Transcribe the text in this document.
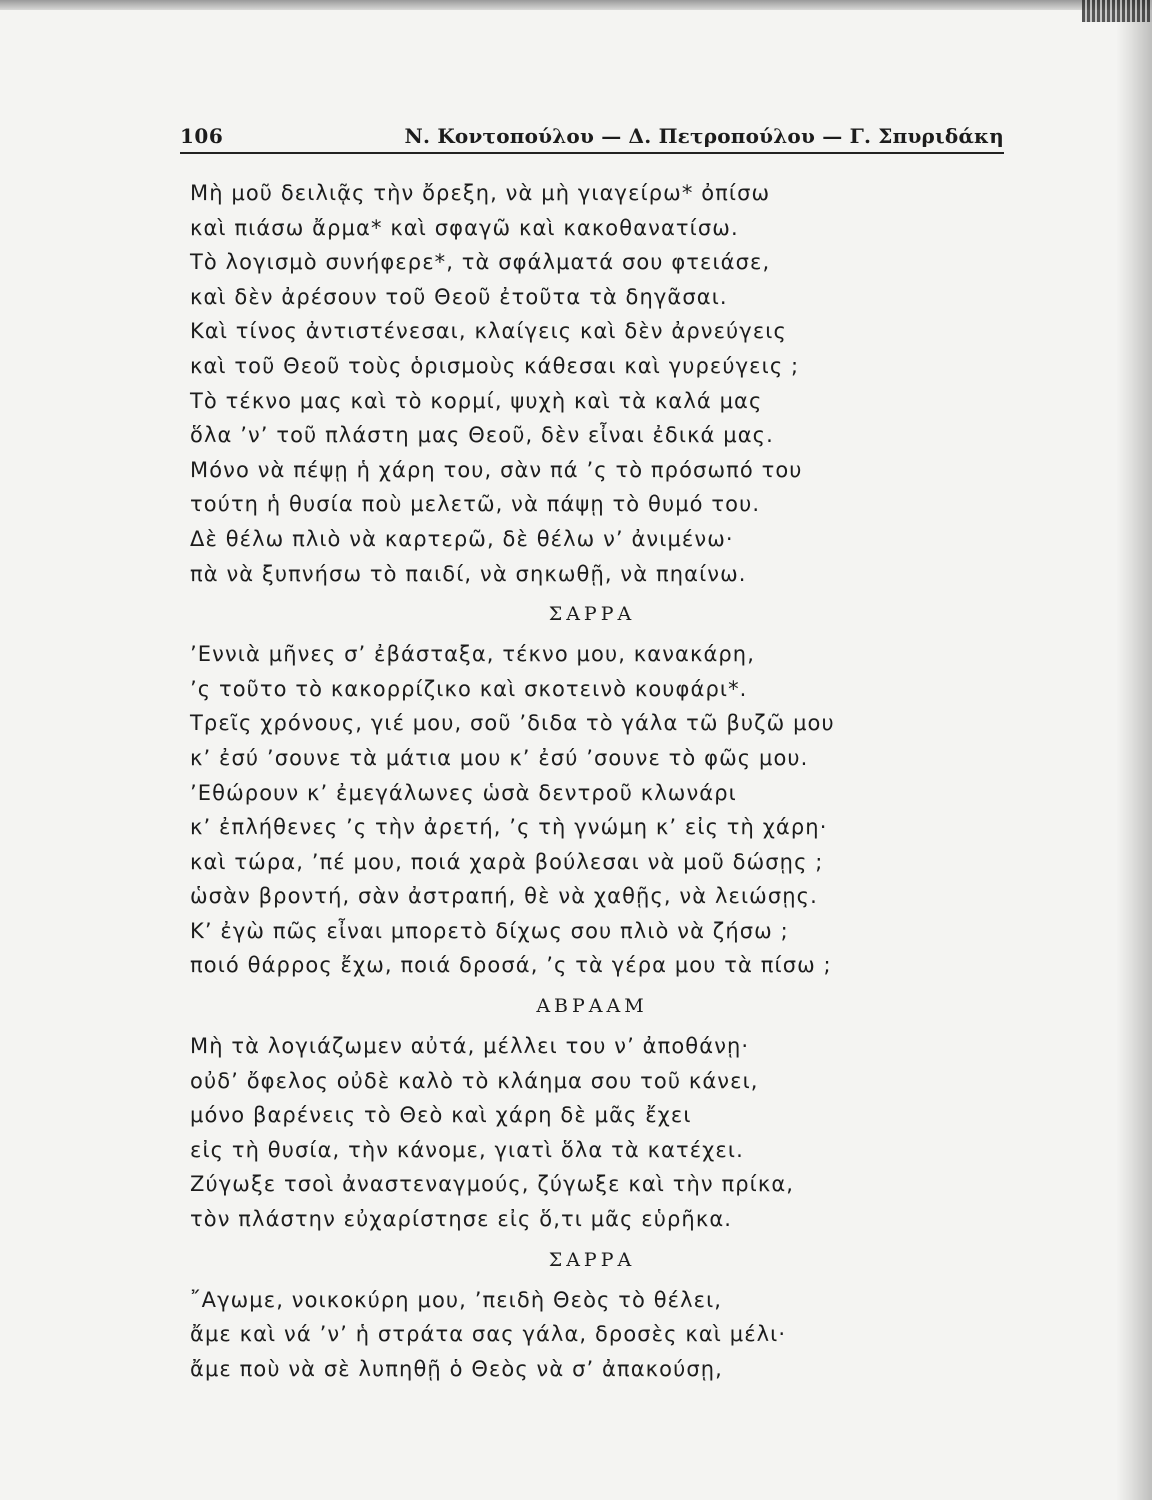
106	Ν. Κοντοπούλου — Δ. Πετροπούλου — Γ. Σπυριδάκη
Μὴ μοῦ δειλιᾷς τὴν ὄρεξη, νὰ μὴ γιαγείρω* ὀπίσω
καὶ πιάσω ἄρμα* καὶ σφαγῶ καὶ κακοθανατίσω.
Τὸ λογισμὸ συνήφερε*, τὰ σφάλματά σου φτειάσε,
καὶ δὲν ἀρέσουν τοῦ Θεοῦ ἐτοῦτα τὰ δηγᾶσαι.
Καὶ τίνος ἀντιστένεσαι, κλαίγεις καὶ δὲν ἀρνεύγεις
καὶ τοῦ Θεοῦ τοὺς ὁρισμοὺς κάθεσαι καὶ γυρεύγεις ;
Τὸ τέκνο μας καὶ τὸ κορμί, ψυχὴ καὶ τὰ καλά μας
ὅλα ’ν’ τοῦ πλάστη μας Θεοῦ, δὲν εἶναι ἐδικά μας.
Μόνο νὰ πέψῃ ἡ χάρη του, σὰν πά ’ς τὸ πρόσωπό του
τούτη ἡ θυσία ποὺ μελετῶ, νὰ πάψῃ τὸ θυμό του.
Δὲ θέλω πλιὸ νὰ καρτερῶ, δὲ θέλω ν’ ἀνιμένω·
πὰ νὰ ξυπνήσω τὸ παιδί, νὰ σηκωθῇ, νὰ πηαίνω.
ΣΑΡΡΑ
’Εννιὰ μῆνες σ’ ἐβάσταξα, τέκνο μου, κανακάρη,
’ς τοῦτο τὸ κακορρίζικο καὶ σκοτεινὸ κουφάρι*.
Τρεῖς χρόνους, γιέ μου, σοῦ ’διδα τὸ γάλα τῶ βυζῶ μου
κ’ ἐσύ ’σουνε τὰ μάτια μου κ’ ἐσύ ’σουνε τὸ φῶς μου.
’Εθώρουν κ’ ἐμεγάλωνες ὡσὰ δεντροῦ κλωνάρι
κ’ ἐπλήθενες ’ς τὴν ἀρετή, ’ς τὴ γνώμη κ’ εἰς τὴ χάρη·
καὶ τώρα, ’πέ μου, ποιά χαρὰ βούλεσαι νὰ μοῦ δώσῃς ;
ὡσὰν βροντή, σὰν ἀστραπή, θὲ νὰ χαθῇς, νὰ λειώσῃς.
Κ’ ἐγὼ πῶς εἶναι μπορετὸ δίχως σου πλιὸ νὰ ζήσω ;
ποιό θάρρος ἔχω, ποιά δροσά, ’ς τὰ γέρα μου τὰ πίσω ;
ΑΒΡΑΑΜ
Μὴ τὰ λογιάζωμεν αὐτά, μέλλει του ν’ ἀποθάνῃ·
οὐδ’ ὄφελος οὐδὲ καλὸ τὸ κλάημα σου τοῦ κάνει,
μόνο βαρένεις τὸ Θεὸ καὶ χάρη δὲ μᾶς ἔχει
εἰς τὴ θυσία, τὴν κάνομε, γιατὶ ὅλα τὰ κατέχει.
Ζύγωξε τσοὶ ἀναστεναγμούς, ζύγωξε καὶ τὴν πρίκα,
τὸν πλάστην εὐχαρίστησε εἰς ὅ,τι μᾶς εὑρῆκα.
ΣΑΡΡΑ
῎Αγωμε, νοικοκύρη μου, ’πειδὴ Θεὸς τὸ θέλει,
ἄμε καὶ νά ’ν’ ἡ στράτα σας γάλα, δροσὲς καὶ μέλι·
ἄμε ποὺ νὰ σὲ λυπηθῇ ὁ Θεὸς νὰ σ’ ἀπακούσῃ,
